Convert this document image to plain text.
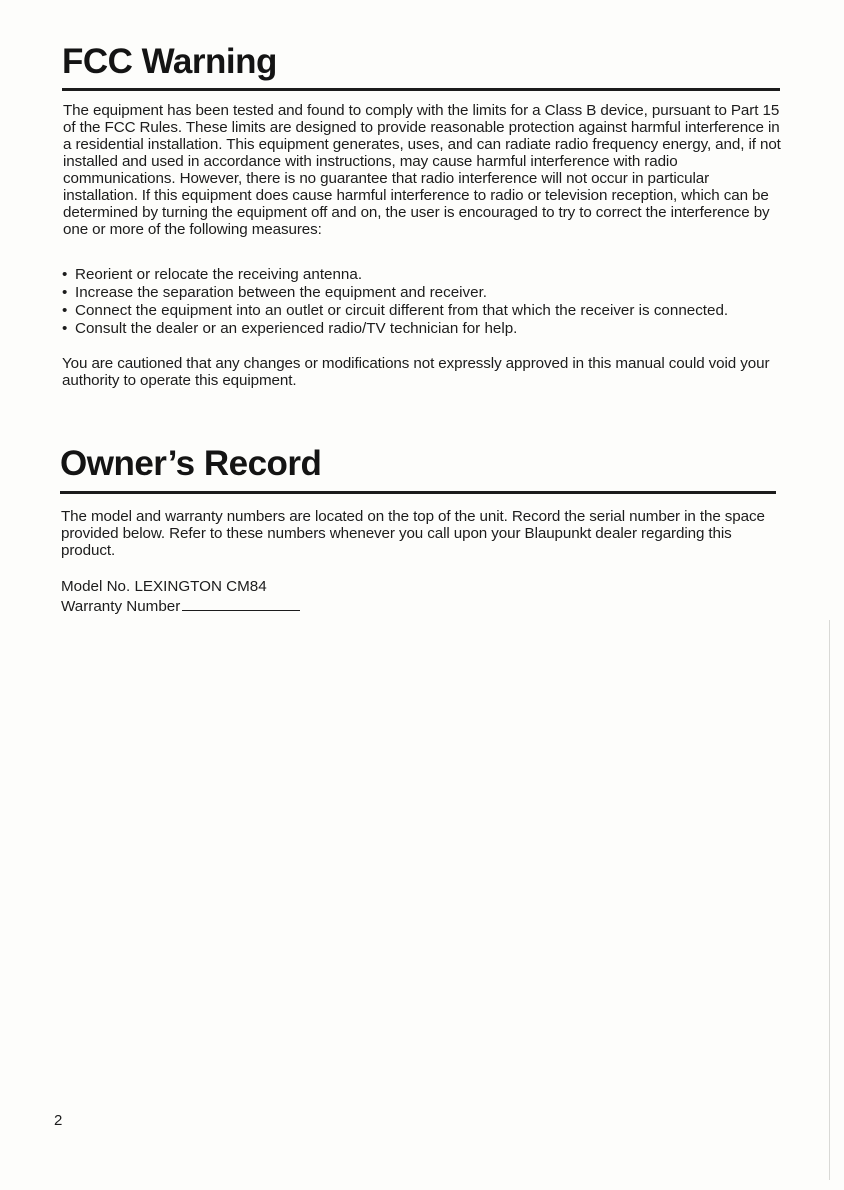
FCC Warning

The equipment has been tested and found to comply with the limits for a Class B device, pursuant to Part 15 of the FCC Rules. These limits are designed to provide reasonable protection against harmful interference in a residential installation. This equipment generates, uses, and can radiate radio frequency energy, and, if not installed and used in accordance with instructions, may cause harmful interference with radio communications. However, there is no guarantee that radio interference will not occur in particular installation. If this equipment does cause harmful interference to radio or television reception, which can be determined by turning the equipment off and on, the user is encouraged to try to correct the interference by one or more of the following measures:

• Reorient or relocate the receiving antenna.
• Increase the separation between the equipment and receiver.
• Connect the equipment into an outlet or circuit different from that which the receiver is connected.
• Consult the dealer or an experienced radio/TV technician for help.

You are cautioned that any changes or modifications not expressly approved in this manual could void your authority to operate this equipment.

Owner’s Record

The model and warranty numbers are located on the top of the unit. Record the serial number in the space provided below. Refer to these numbers whenever you call upon your Blaupunkt dealer regarding this product.

Model No. LEXINGTON CM84
Warranty Number
2
